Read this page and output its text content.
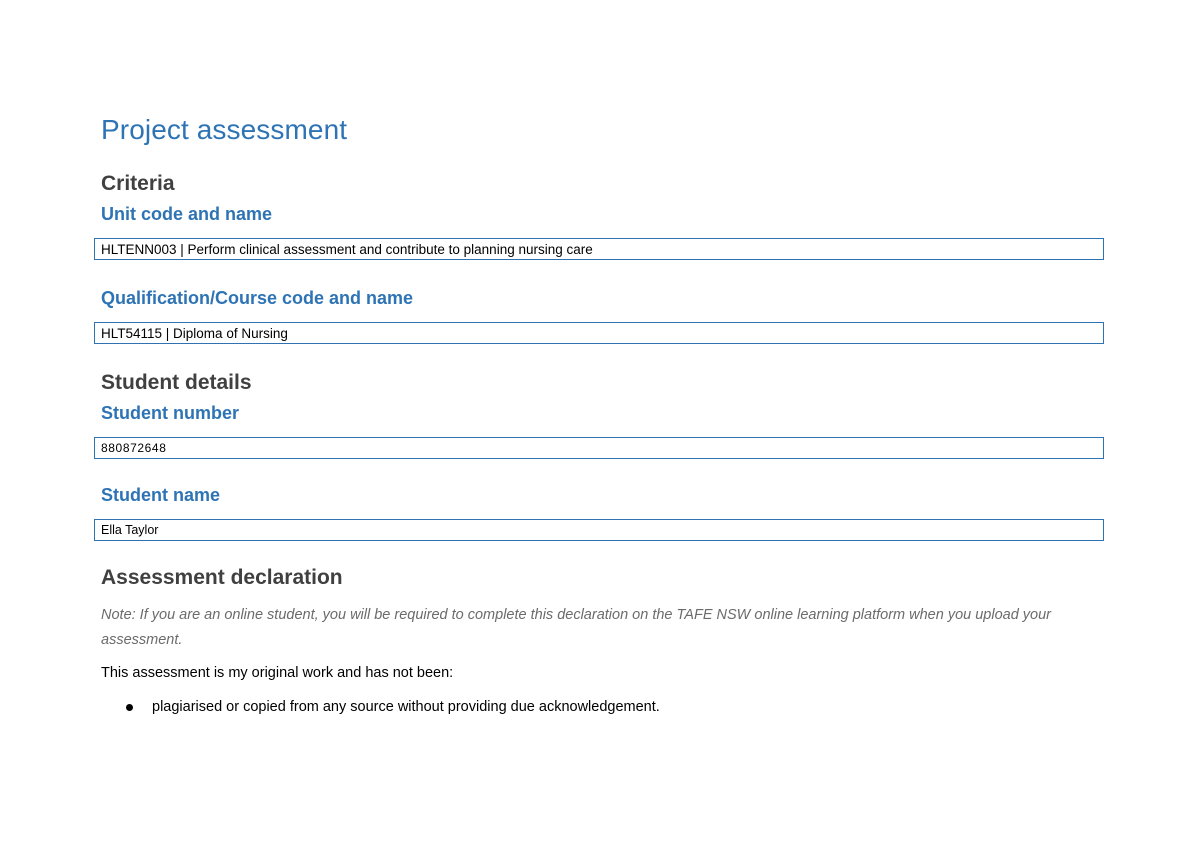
Project assessment
Criteria
Unit code and name
HLTENN003 | Perform clinical assessment and contribute to planning nursing care
Qualification/Course code and name
HLT54115 | Diploma of Nursing
Student details
Student number
880872648
Student name
Ella Taylor
Assessment declaration
Note: If you are an online student, you will be required to complete this declaration on the TAFE NSW online learning platform when you upload your assessment.
This assessment is my original work and has not been:
plagiarised or copied from any source without providing due acknowledgement.
